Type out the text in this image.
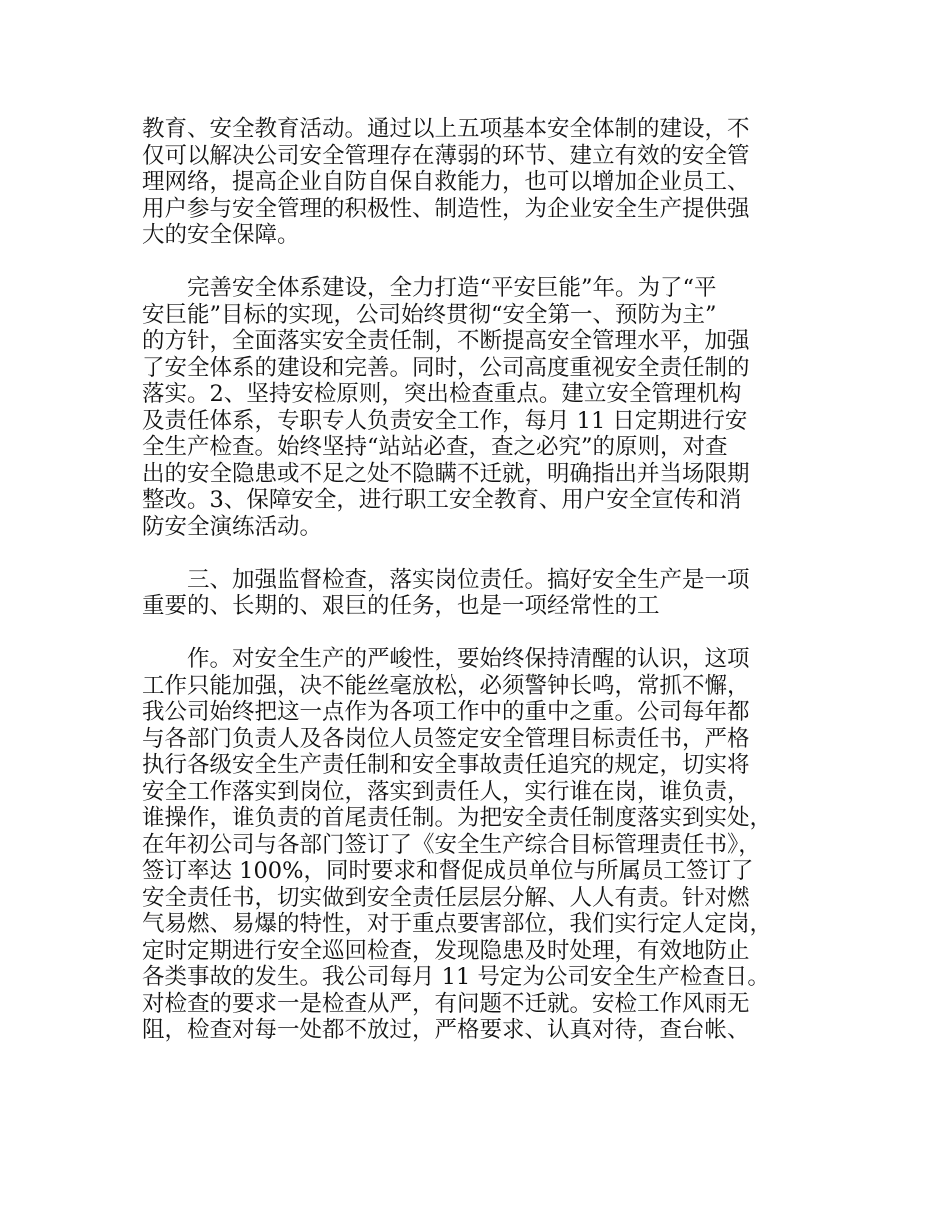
教育、安全教育活动。通过以上五项基本安全体制的建设，不
仅可以解决公司安全管理存在薄弱的环节、建立有效的安全管
理网络，提高企业自防自保自救能力，也可以增加企业员工、
用户参与安全管理的积极性、制造性，为企业安全生产提供强
大的安全保障。

　　完善安全体系建设，全力打造“平安巨能”年。为了“平
安巨能”目标的实现，公司始终贯彻“安全第一、预防为主”
的方针，全面落实安全责任制，不断提高安全管理水平，加强
了安全体系的建设和完善。同时，公司高度重视安全责任制的
落实。2、坚持安检原则，突出检查重点。建立安全管理机构
及责任体系，专职专人负责安全工作，每月 11 日定期进行安
全生产检查。始终坚持“站站必查，查之必究”的原则，对查
出的安全隐患或不足之处不隐瞒不迁就，明确指出并当场限期
整改。3、保障安全，进行职工安全教育、用户安全宣传和消
防安全演练活动。

　　三、加强监督检查，落实岗位责任。搞好安全生产是一项
重要的、长期的、艰巨的任务，也是一项经常性的工

　　作。对安全生产的严峻性，要始终保持清醒的认识，这项
工作只能加强，决不能丝毫放松，必须警钟长鸣，常抓不懈，
我公司始终把这一点作为各项工作中的重中之重。公司每年都
与各部门负责人及各岗位人员签定安全管理目标责任书，严格
执行各级安全生产责任制和安全事故责任追究的规定，切实将
安全工作落实到岗位，落实到责任人，实行谁在岗，谁负责，
谁操作，谁负责的首尾责任制。为把安全责任制度落实到实处，
在年初公司与各部门签订了《安全生产综合目标管理责任书》，
签订率达 100%，同时要求和督促成员单位与所属员工签订了
安全责任书，切实做到安全责任层层分解、人人有责。针对燃
气易燃、易爆的特性，对于重点要害部位，我们实行定人定岗，
定时定期进行安全巡回检查，发现隐患及时处理，有效地防止
各类事故的发生。我公司每月 11 号定为公司安全生产检查日。
对检查的要求一是检查从严，有问题不迁就。安检工作风雨无
阻，检查对每一处都不放过，严格要求、认真对待，查台帐、
